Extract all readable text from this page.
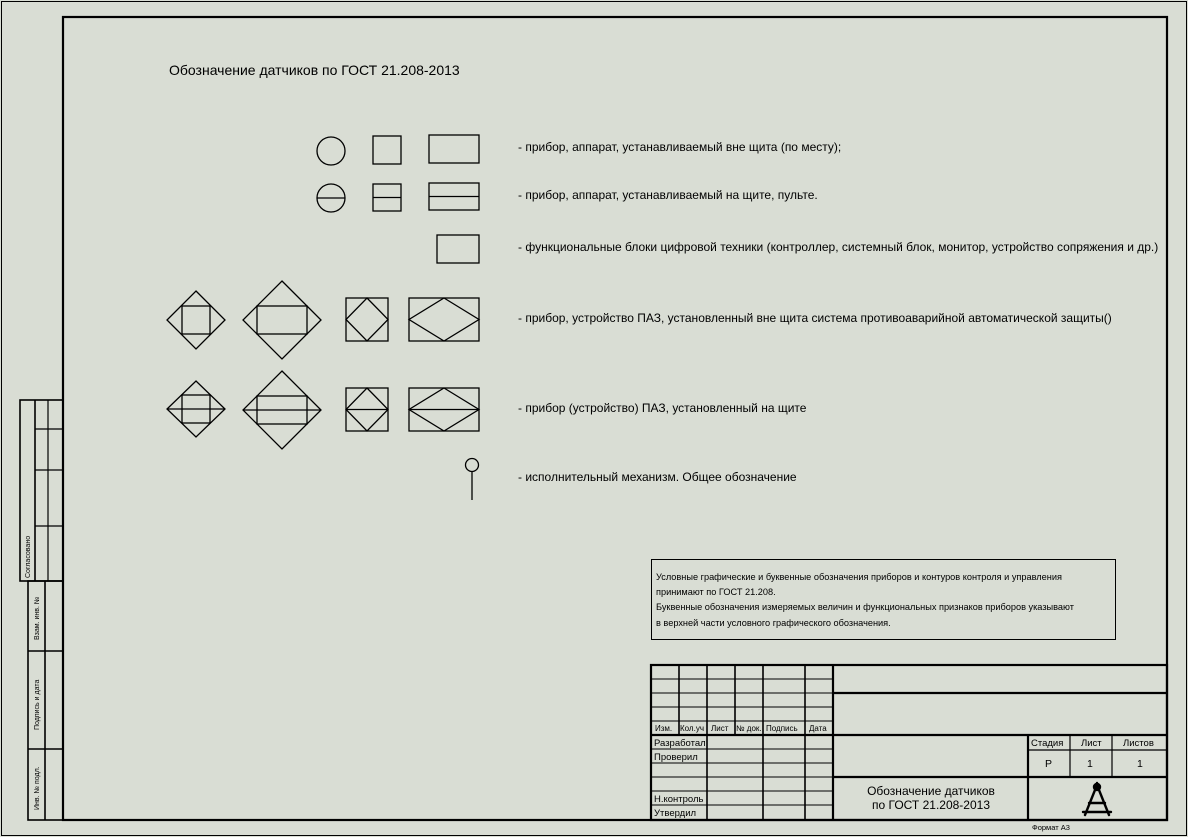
Обозначение датчиков по ГОСТ 21.208-2013
- прибор, аппарат, устанавливаемый вне щита (по месту);
- прибор, аппарат, устанавливаемый на щите, пульте.
- функциональные блоки цифровой техники (контроллер, системный блок, монитор, устройство сопряжения и др.)
- прибор, устройство ПАЗ, установленный вне щита система противоаварийной автоматической защиты()
- прибор (устройство) ПАЗ, установленный на щите
- исполнительный механизм. Общее обозначение
Условные графические и буквенные обозначения приборов и контуров контроля и управления
принимают по ГОСТ 21.208.
Буквенные обозначения измеряемых величин и функциональных признаков приборов указывают
в верхней части условного графического обозначения.
Изм. Кол.уч Лист № док. Подпись Дата
Разработал
Проверил
Н.контроль
Утвердил
Стадия Лист Листов
Р	1	1
Обозначение датчиков
по ГОСТ 21.208-2013
Формат А3
Согласовано
Взам. инв. №
Подпись и дата
Инв. № подл.
